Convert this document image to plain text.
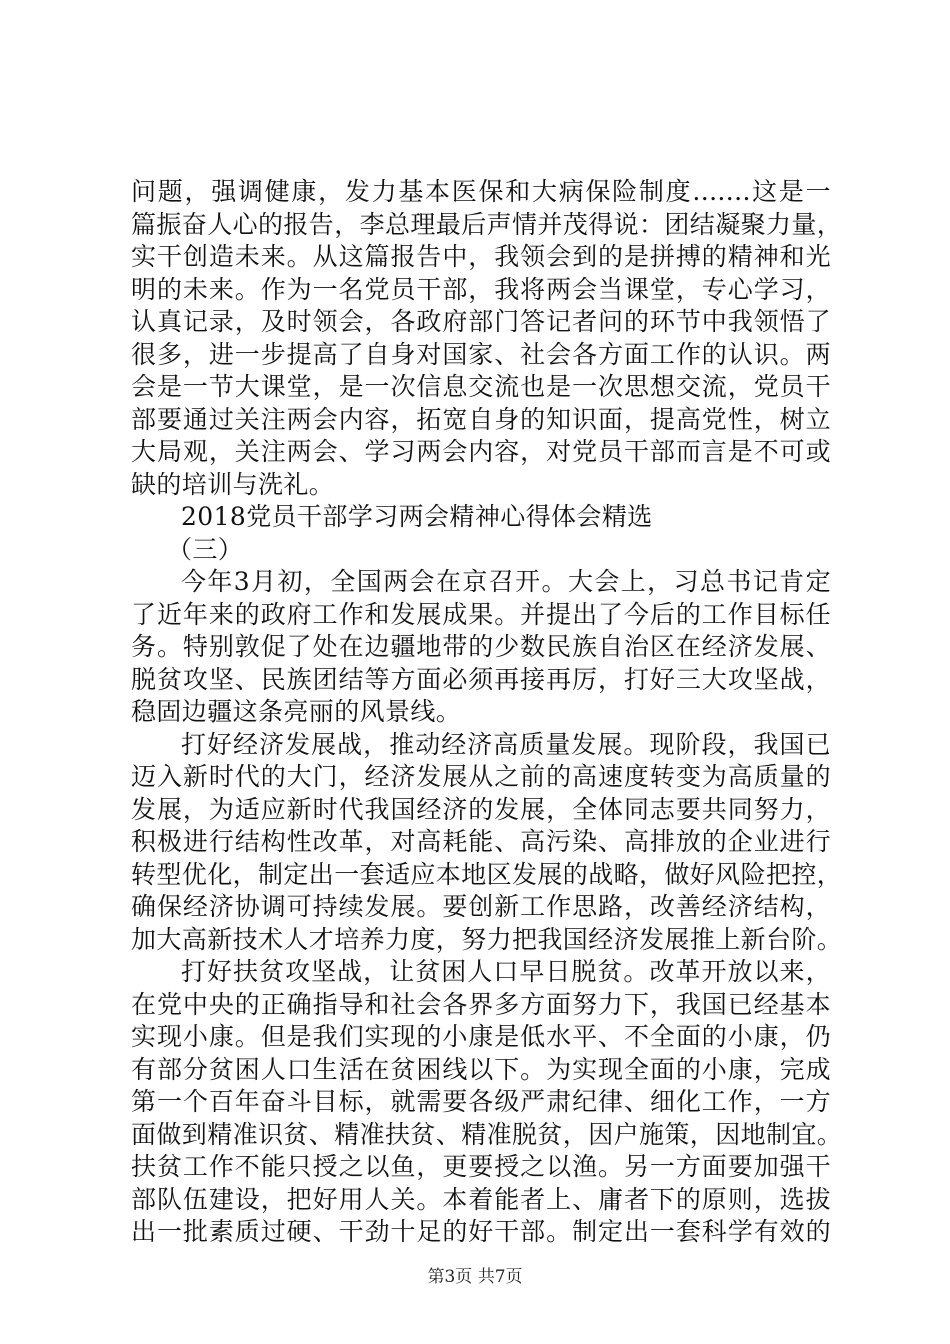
问题，强调健康，发力基本医保和大病保险制度.......这是一
篇振奋人心的报告，李总理最后声情并茂得说：团结凝聚力量，
实干创造未来。从这篇报告中，我领会到的是拼搏的精神和光
明的未来。作为一名党员干部，我将两会当课堂，专心学习，
认真记录，及时领会，各政府部门答记者问的环节中我领悟了
很多，进一步提高了自身对国家、社会各方面工作的认识。两
会是一节大课堂，是一次信息交流也是一次思想交流，党员干
部要通过关注两会内容，拓宽自身的知识面，提高党性，树立
大局观，关注两会、学习两会内容，对党员干部而言是不可或
缺的培训与洗礼。
2018党员干部学习两会精神心得体会精选
（三）
今年3月初，全国两会在京召开。大会上，习总书记肯定
了近年来的政府工作和发展成果。并提出了今后的工作目标任
务。特别敦促了处在边疆地带的少数民族自治区在经济发展、
脱贫攻坚、民族团结等方面必须再接再厉，打好三大攻坚战，
稳固边疆这条亮丽的风景线。
打好经济发展战，推动经济高质量发展。现阶段，我国已
迈入新时代的大门，经济发展从之前的高速度转变为高质量的
发展，为适应新时代我国经济的发展，全体同志要共同努力，
积极进行结构性改革，对高耗能、高污染、高排放的企业进行
转型优化，制定出一套适应本地区发展的战略，做好风险把控，
确保经济协调可持续发展。要创新工作思路，改善经济结构，
加大高新技术人才培养力度，努力把我国经济发展推上新台阶。
打好扶贫攻坚战，让贫困人口早日脱贫。改革开放以来，
在党中央的正确指导和社会各界多方面努力下，我国已经基本
实现小康。但是我们实现的小康是低水平、不全面的小康，仍
有部分贫困人口生活在贫困线以下。为实现全面的小康，完成
第一个百年奋斗目标，就需要各级严肃纪律、细化工作，一方
面做到精准识贫、精准扶贫、精准脱贫，因户施策，因地制宜。
扶贫工作不能只授之以鱼，更要授之以渔。另一方面要加强干
部队伍建设，把好用人关。本着能者上、庸者下的原则，选拔
出一批素质过硬、干劲十足的好干部。制定出一套科学有效的
第3页 共7页
